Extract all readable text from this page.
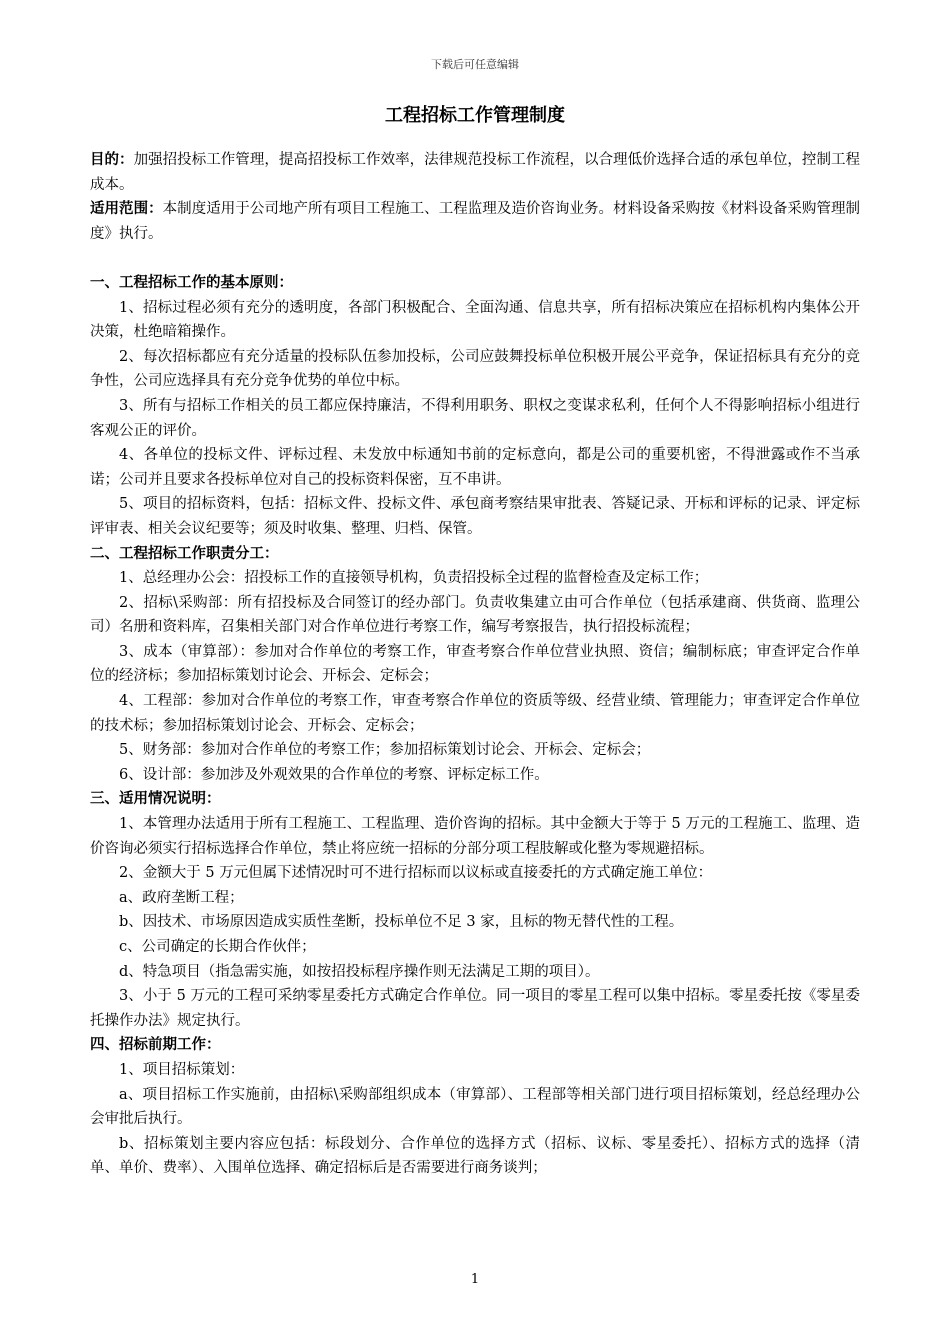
下载后可任意编辑
工程招标工作管理制度

目的：加强招投标工作管理，提高招投标工作效率，法律规范投标工作流程，以合理低价选择合适的承包单位，控制工程成本。

适用范围：本制度适用于公司地产所有项目工程施工、工程监理及造价咨询业务。材料设备采购按《材料设备采购管理制度》执行。

一、工程招标工作的基本原则：

1、招标过程必须有充分的透明度，各部门积极配合、全面沟通、信息共享，所有招标决策应在招标机构内集体公开决策，杜绝暗箱操作。

2、每次招标都应有充分适量的投标队伍参加投标，公司应鼓舞投标单位积极开展公平竞争，保证招标具有充分的竞争性，公司应选择具有充分竞争优势的单位中标。

3、所有与招标工作相关的员工都应保持廉洁，不得利用职务、职权之变谋求私利，任何个人不得影响招标小组进行客观公正的评价。

4、各单位的投标文件、评标过程、未发放中标通知书前的定标意向，都是公司的重要机密，不得泄露或作不当承诺；公司并且要求各投标单位对自己的投标资料保密，互不串讲。

5、项目的招标资料，包括：招标文件、投标文件、承包商考察结果审批表、答疑记录、开标和评标的记录、评定标评审表、相关会议纪要等；须及时收集、整理、归档、保管。

二、工程招标工作职责分工：

1、总经理办公会：招投标工作的直接领导机构，负责招投标全过程的监督检查及定标工作；

2、招标\采购部：所有招投标及合同签订的经办部门。负责收集建立由可合作单位（包括承建商、供货商、监理公司）名册和资料库，召集相关部门对合作单位进行考察工作，编写考察报告，执行招投标流程；

3、成本（审算部）：参加对合作单位的考察工作，审查考察合作单位营业执照、资信；编制标底；审查评定合作单位的经济标；参加招标策划讨论会、开标会、定标会；

4、工程部：参加对合作单位的考察工作，审查考察合作单位的资质等级、经营业绩、管理能力；审查评定合作单位的技术标；参加招标策划讨论会、开标会、定标会；

5、财务部：参加对合作单位的考察工作；参加招标策划讨论会、开标会、定标会；

6、设计部：参加涉及外观效果的合作单位的考察、评标定标工作。

三、适用情况说明：

1、本管理办法适用于所有工程施工、工程监理、造价咨询的招标。其中金额大于等于 5 万元的工程施工、监理、造价咨询必须实行招标选择合作单位，禁止将应统一招标的分部分项工程肢解或化整为零规避招标。

2、金额大于 5 万元但属下述情况时可不进行招标而以议标或直接委托的方式确定施工单位：

a、政府垄断工程；

b、因技术、市场原因造成实质性垄断，投标单位不足 3 家，且标的物无替代性的工程。

c、公司确定的长期合作伙伴；

d、特急项目（指急需实施，如按招投标程序操作则无法满足工期的项目）。

3、小于 5 万元的工程可采纳零星委托方式确定合作单位。同一项目的零星工程可以集中招标。零星委托按《零星委托操作办法》规定执行。

四、招标前期工作：

1、项目招标策划：

a、项目招标工作实施前，由招标\采购部组织成本（审算部）、工程部等相关部门进行项目招标策划，经总经理办公会审批后执行。

b、招标策划主要内容应包括：标段划分、合作单位的选择方式（招标、议标、零星委托）、招标方式的选择（清单、单价、费率）、入围单位选择、确定招标后是否需要进行商务谈判；

1
